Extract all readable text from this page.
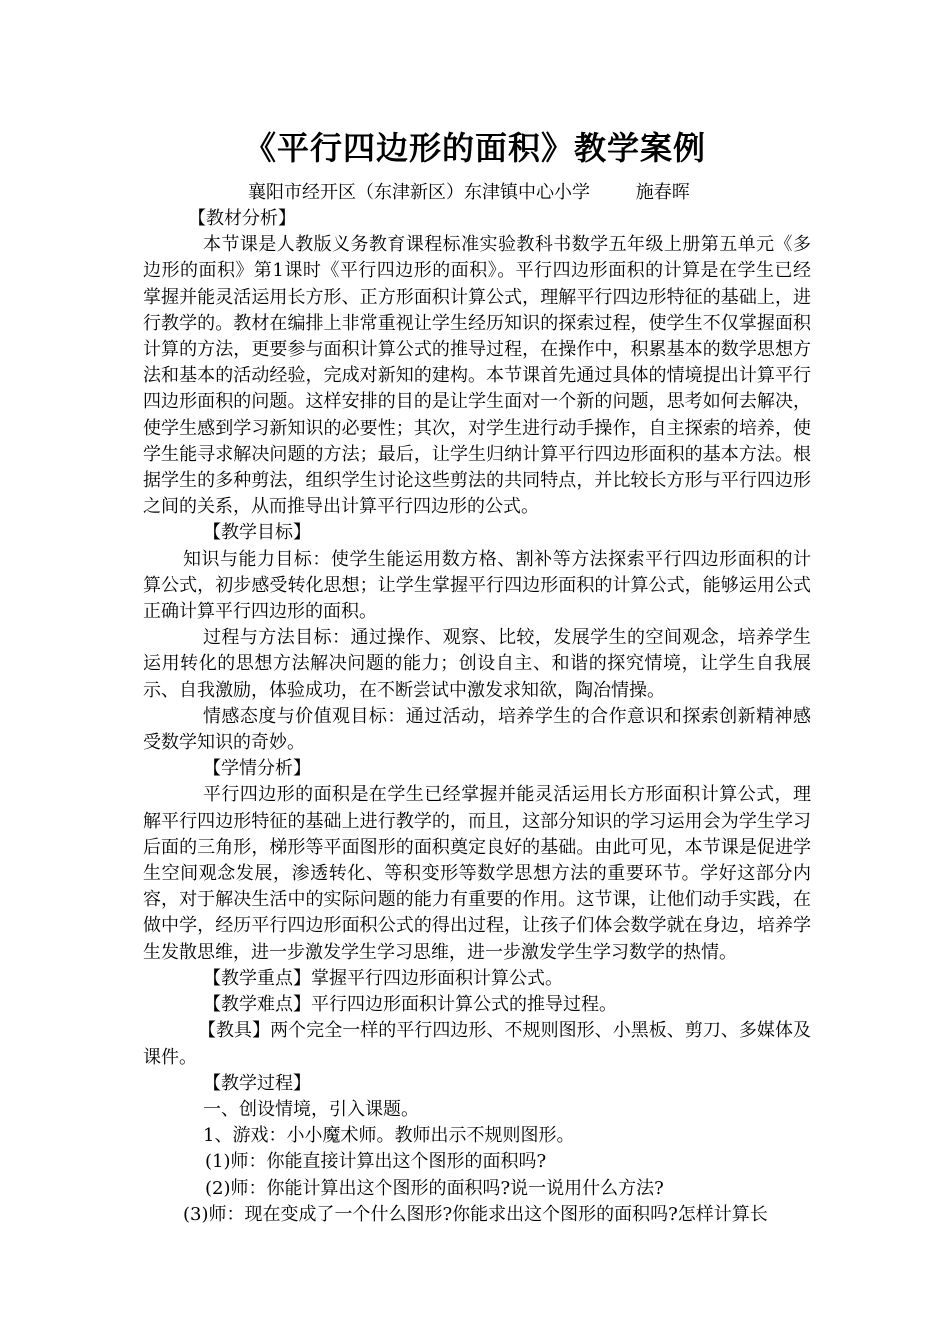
《平行四边形的面积》教学案例
襄阳市经开区（东津新区）东津镇中心小学        施春晖

【教材分析】

本节课是人教版义务教育课程标准实验教科书数学五年级上册第五单元《多边形的面积》第1课时《平行四边形的面积》。平行四边形面积的计算是在学生已经掌握并能灵活运用长方形、正方形面积计算公式，理解平行四边形特征的基础上，进行教学的。教材在编排上非常重视让学生经历知识的探索过程，使学生不仅掌握面积计算的方法，更要参与面积计算公式的推导过程，在操作中，积累基本的数学思想方法和基本的活动经验，完成对新知的建构。本节课首先通过具体的情境提出计算平行四边形面积的问题。这样安排的目的是让学生面对一个新的问题，思考如何去解决，使学生感到学习新知识的必要性；其次，对学生进行动手操作，自主探索的培养，使学生能寻求解决问题的方法；最后，让学生归纳计算平行四边形面积的基本方法。根据学生的多种剪法，组织学生讨论这些剪法的共同特点，并比较长方形与平行四边形之间的关系，从而推导出计算平行四边形的公式。

【教学目标】

知识与能力目标：使学生能运用数方格、割补等方法探索平行四边形面积的计算公式，初步感受转化思想；让学生掌握平行四边形面积的计算公式，能够运用公式正确计算平行四边形的面积。

过程与方法目标：通过操作、观察、比较，发展学生的空间观念，培养学生运用转化的思想方法解决问题的能力；创设自主、和谐的探究情境，让学生自我展示、自我激励，体验成功，在不断尝试中激发求知欲，陶冶情操。

情感态度与价值观目标：通过活动，培养学生的合作意识和探索创新精神感受数学知识的奇妙。

【学情分析】

平行四边形的面积是在学生已经掌握并能灵活运用长方形面积计算公式，理解平行四边形特征的基础上进行教学的，而且，这部分知识的学习运用会为学生学习后面的三角形，梯形等平面图形的面积奠定良好的基础。由此可见，本节课是促进学生空间观念发展，渗透转化、等积变形等数学思想方法的重要环节。学好这部分内容，对于解决生活中的实际问题的能力有重要的作用。这节课，让他们动手实践，在做中学，经历平行四边形面积公式的得出过程，让孩子们体会数学就在身边，培养学生发散思维，进一步激发学生学习思维，进一步激发学生学习数学的热情。

【教学重点】掌握平行四边形面积计算公式。

【教学难点】平行四边形面积计算公式的推导过程。

【教具】两个完全一样的平行四边形、不规则图形、小黑板、剪刀、多媒体及课件。

【教学过程】

一、创设情境，引入课题。

1、游戏：小小魔术师。教师出示不规则图形。

(1)师：你能直接计算出这个图形的面积吗?

(2)师：你能计算出这个图形的面积吗?说一说用什么方法?

(3)师：现在变成了一个什么图形?你能求出这个图形的面积吗?怎样计算长
